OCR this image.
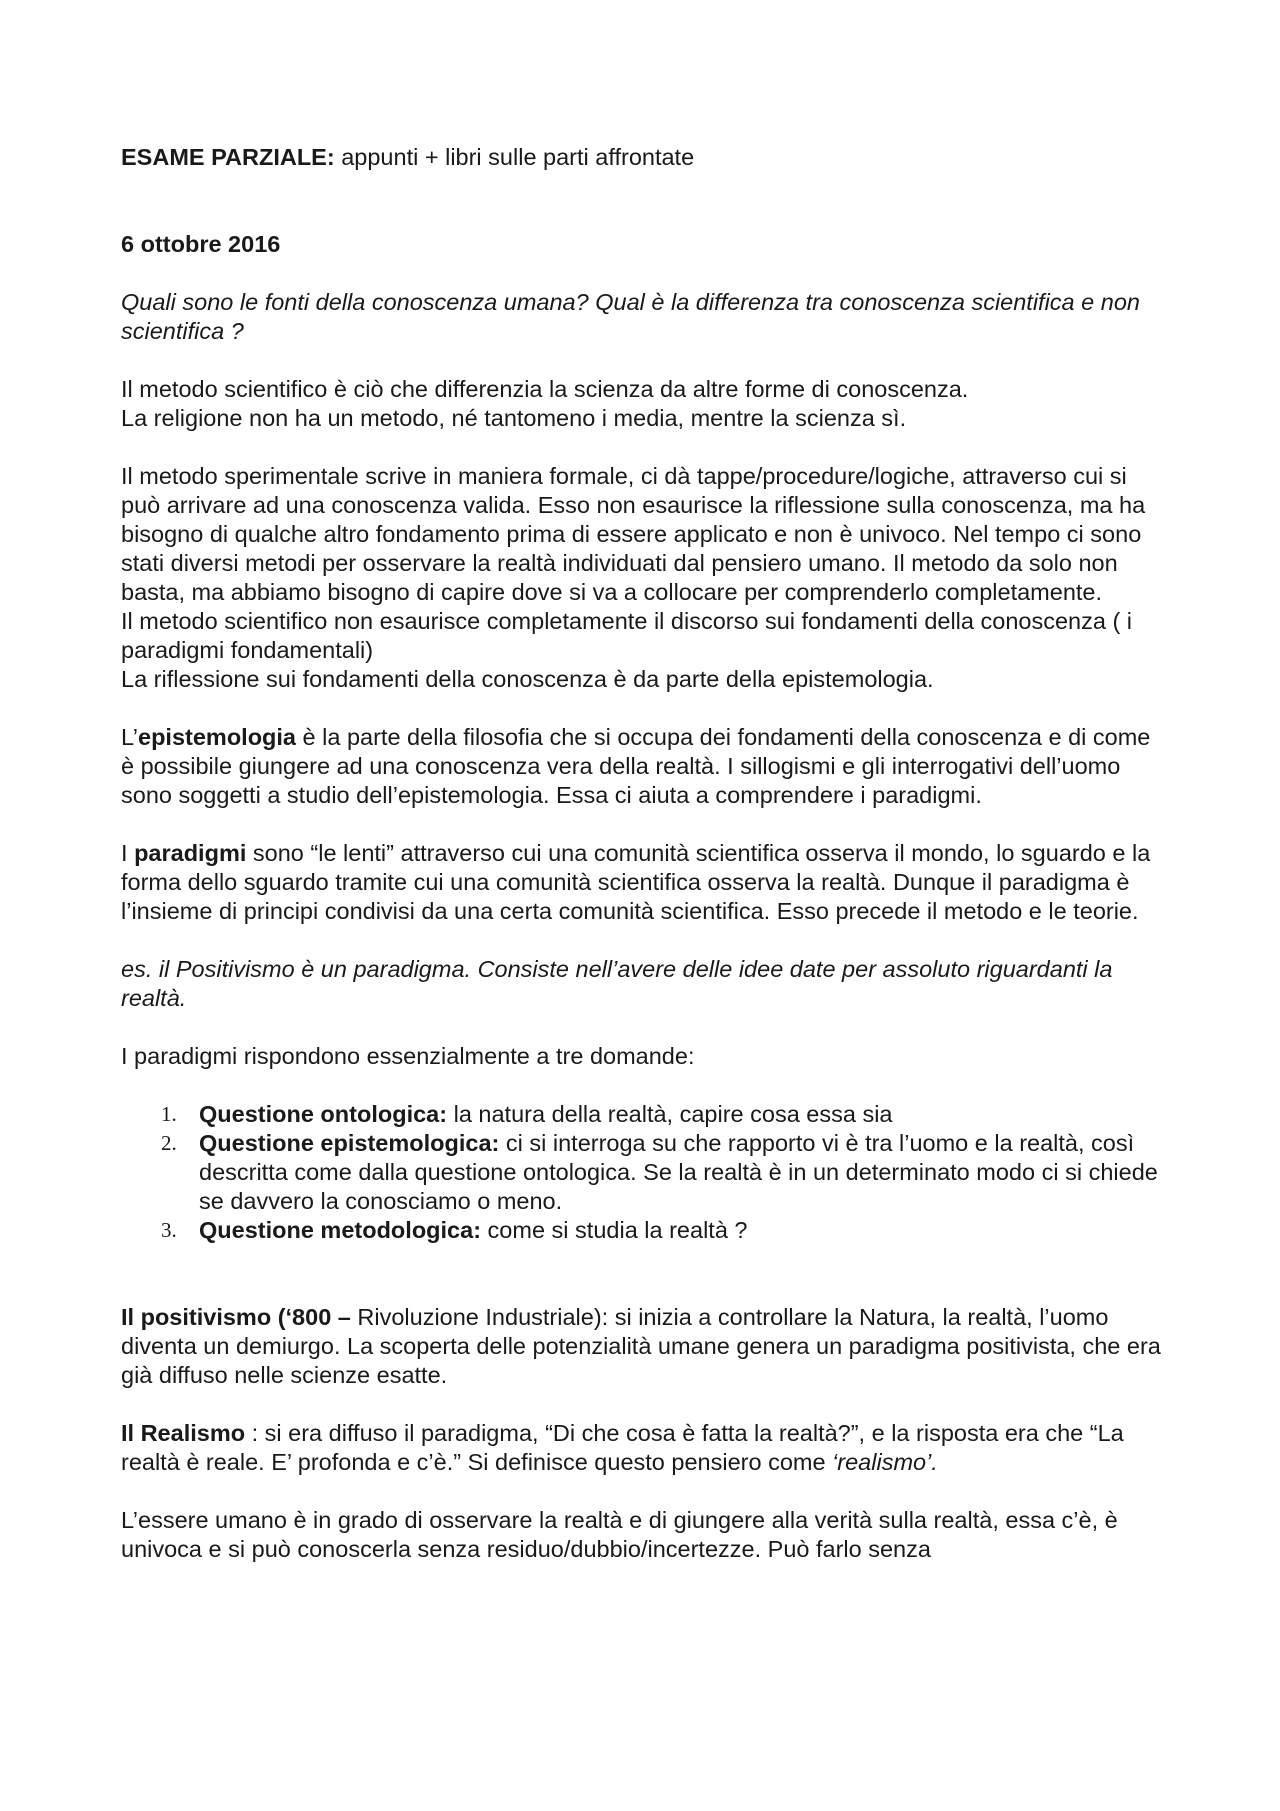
ESAME PARZIALE: appunti + libri sulle parti affrontate

6 ottobre 2016

Quali sono le fonti della conoscenza umana? Qual è la differenza tra conoscenza scientifica e non scientifica ?

Il metodo scientifico è ciò che differenzia la scienza da altre forme di conoscenza.

La religione non ha un metodo, né tantomeno i media, mentre la scienza sì.

Il metodo sperimentale scrive in maniera formale, ci dà tappe/procedure/logiche, attraverso cui si può arrivare ad una conoscenza valida. Esso non esaurisce la riflessione sulla conoscenza, ma ha bisogno di qualche altro fondamento prima di essere applicato e non è univoco. Nel tempo ci sono stati diversi metodi per osservare la realtà individuati dal pensiero umano. Il metodo da solo non basta, ma abbiamo bisogno di capire dove si va a collocare per comprenderlo completamente.

Il metodo scientifico non esaurisce completamente il discorso sui fondamenti della conoscenza ( i paradigmi fondamentali)

La riflessione sui fondamenti della conoscenza è da parte della epistemologia.

L’epistemologia è la parte della filosofia che si occupa dei fondamenti della conoscenza e di come è possibile giungere ad una conoscenza vera della realtà. I sillogismi e gli interrogativi dell’uomo sono soggetti a studio dell’epistemologia. Essa ci aiuta a comprendere i paradigmi.

I paradigmi sono “le lenti” attraverso cui una comunità scientifica osserva il mondo, lo sguardo e la forma dello sguardo tramite cui una comunità scientifica osserva la realtà. Dunque il paradigma è l’insieme di principi condivisi da una certa comunità scientifica. Esso precede il metodo e le teorie.

es. il Positivismo è un paradigma. Consiste nell’avere delle idee date per assoluto riguardanti la realtà.

I paradigmi rispondono essenzialmente a tre domande:

1. Questione ontologica: la natura della realtà, capire cosa essa sia
2. Questione epistemologica: ci si interroga su che rapporto vi è tra l’uomo e la realtà, così descritta come dalla questione ontologica. Se la realtà è in un determinato modo ci si chiede se davvero la conosciamo o meno.
3. Questione metodologica: come si studia la realtà ?

Il positivismo (‘800 – Rivoluzione Industriale): si inizia a controllare la Natura, la realtà, l’uomo diventa un demiurgo. La scoperta delle potenzialità umane genera un paradigma positivista, che era già diffuso nelle scienze esatte.

Il Realismo : si era diffuso il paradigma, “Di che cosa è fatta la realtà?”, e la risposta era che “La realtà è reale. E’ profonda e c’è.” Si definisce questo pensiero come ‘realismo’.

L’essere umano è in grado di osservare la realtà e di giungere alla verità sulla realtà, essa c’è, è univoca e si può conoscerla senza residuo/dubbio/incertezze. Può farlo senza
